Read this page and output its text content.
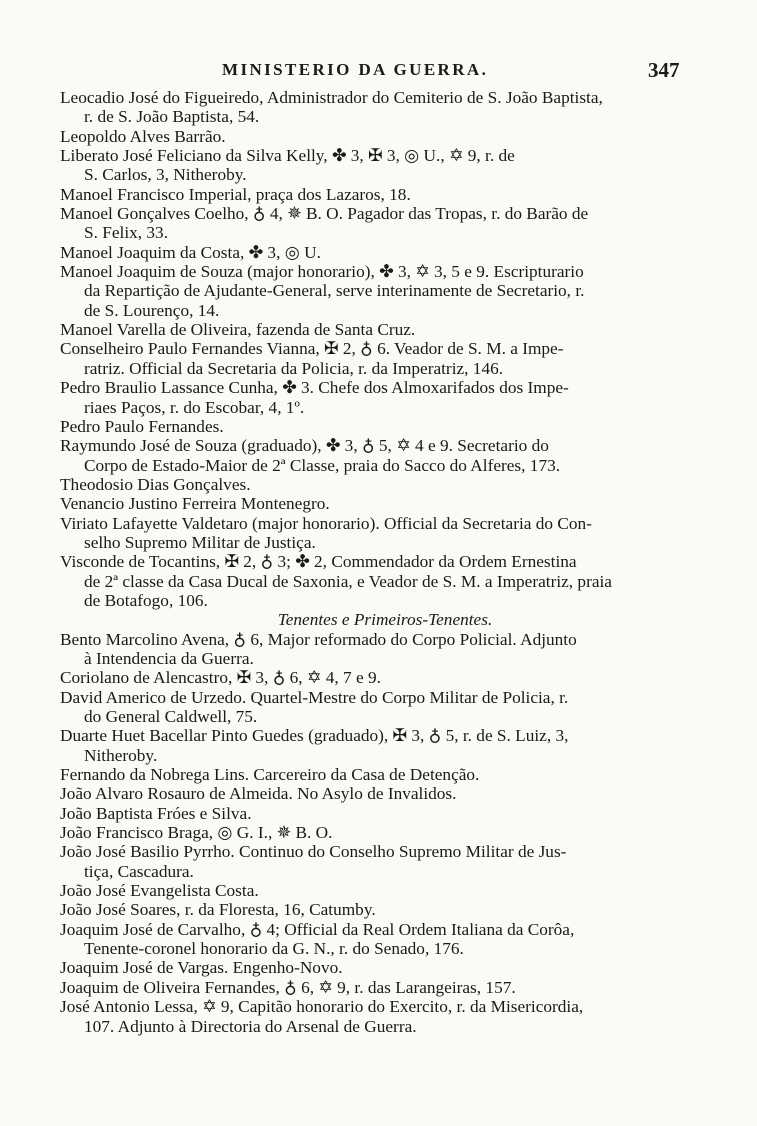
MINISTERIO DA GUERRA.	347

Leocadio José do Figueiredo, Administrador do Cemiterio de S. João Baptista,
r. de S. João Baptista, 54.

Leopoldo Alves Barrão.

Liberato José Feliciano da Silva Kelly, ✤ 3, ✠ 3, ◎ U., ✡ 9, r. de
S. Carlos, 3, Nitheroby.

Manoel Francisco Imperial, praça dos Lazaros, 18.

Manoel Gonçalves Coelho, ♁ 4, ✵ B. O. Pagador das Tropas, r. do Barão de
S. Felix, 33.

Manoel Joaquim da Costa, ✤ 3, ◎ U.

Manoel Joaquim de Souza (major honorario), ✤ 3, ✡ 3, 5 e 9. Escripturario
da Repartição de Ajudante-General, serve interinamente de Secretario, r.
de S. Lourenço, 14.

Manoel Varella de Oliveira, fazenda de Santa Cruz.

Conselheiro Paulo Fernandes Vianna, ✠ 2, ♁ 6. Veador de S. M. a Impe-
ratriz. Official da Secretaria da Policia, r. da Imperatriz, 146.

Pedro Braulio Lassance Cunha, ✤ 3. Chefe dos Almoxarifados dos Impe-
riaes Paços, r. do Escobar, 4, 1º.

Pedro Paulo Fernandes.

Raymundo José de Souza (graduado), ✤ 3, ♁ 5, ✡ 4 e 9. Secretario do
Corpo de Estado-Maior de 2ª Classe, praia do Sacco do Alferes, 173.

Theodosio Dias Gonçalves.

Venancio Justino Ferreira Montenegro.

Viriato Lafayette Valdetaro (major honorario). Official da Secretaria do Con-
selho Supremo Militar de Justiça.

Visconde de Tocantins, ✠ 2, ♁ 3; ✤ 2, Commendador da Ordem Ernestina
de 2ª classe da Casa Ducal de Saxonia, e Veador de S. M. a Imperatriz, praia
de Botafogo, 106.

Tenentes e Primeiros-Tenentes.

Bento Marcolino Avena, ♁ 6, Major reformado do Corpo Policial. Adjunto
à Intendencia da Guerra.

Coriolano de Alencastro, ✠ 3, ♁ 6, ✡ 4, 7 e 9.

David Americo de Urzedo. Quartel-Mestre do Corpo Militar de Policia, r.
do General Caldwell, 75.

Duarte Huet Bacellar Pinto Guedes (graduado), ✠ 3, ♁ 5, r. de S. Luiz, 3,
Nitheroby.

Fernando da Nobrega Lins. Carcereiro da Casa de Detenção.

João Alvaro Rosauro de Almeida. No Asylo de Invalidos.

João Baptista Fróes e Silva.

João Francisco Braga, ◎ G. I., ✵ B. O.

João José Basilio Pyrrho. Continuo do Conselho Supremo Militar de Jus-
tiça, Cascadura.

João José Evangelista Costa.

João José Soares, r. da Floresta, 16, Catumby.

Joaquim José de Carvalho, ♁ 4; Official da Real Ordem Italiana da Corôa,
Tenente-coronel honorario da G. N., r. do Senado, 176.

Joaquim José de Vargas. Engenho-Novo.

Joaquim de Oliveira Fernandes, ♁ 6, ✡ 9, r. das Larangeiras, 157.

José Antonio Lessa, ✡ 9, Capitão honorario do Exercito, r. da Misericordia,
107. Adjunto à Directoria do Arsenal de Guerra.
